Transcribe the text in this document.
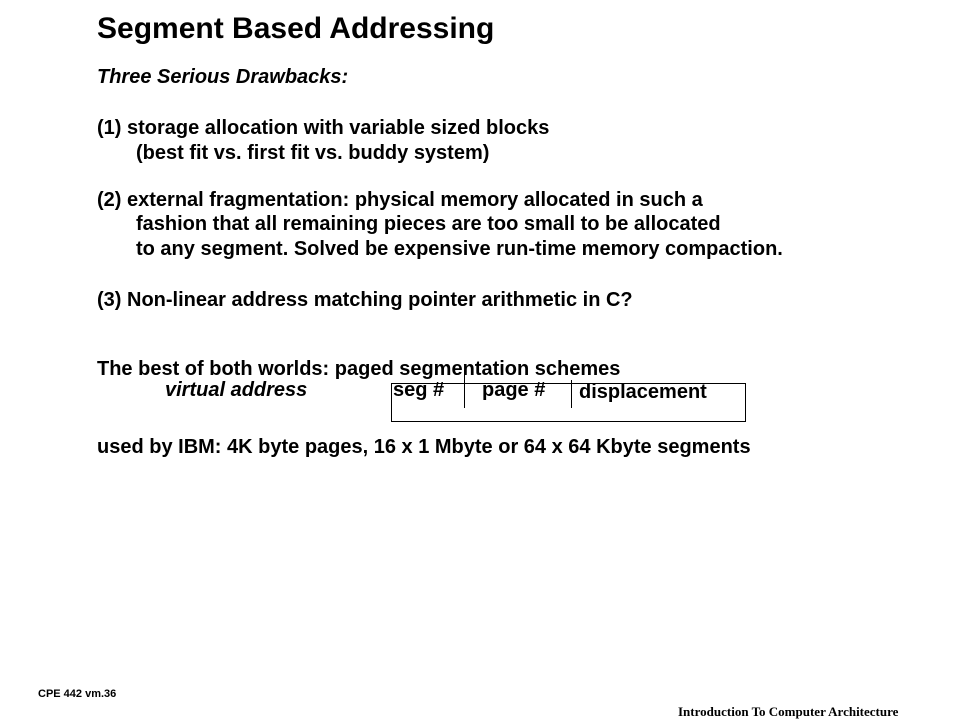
Segment Based Addressing
Three Serious Drawbacks:
(1) storage allocation with variable sized blocks
(best fit vs. first fit vs. buddy system)
(2) external fragmentation: physical memory allocated in such a
fashion that all remaining pieces are too small to be allocated
to any segment. Solved be expensive run-time memory compaction.
(3) Non-linear address matching pointer arithmetic in C?
The best of both worlds: paged segmentation schemes
virtual address	seg # page # displacement
used by IBM: 4K byte pages, 16 x 1 Mbyte or 64 x 64 Kbyte segments
CPE 442 vm.36
Introduction To Computer Architecture
